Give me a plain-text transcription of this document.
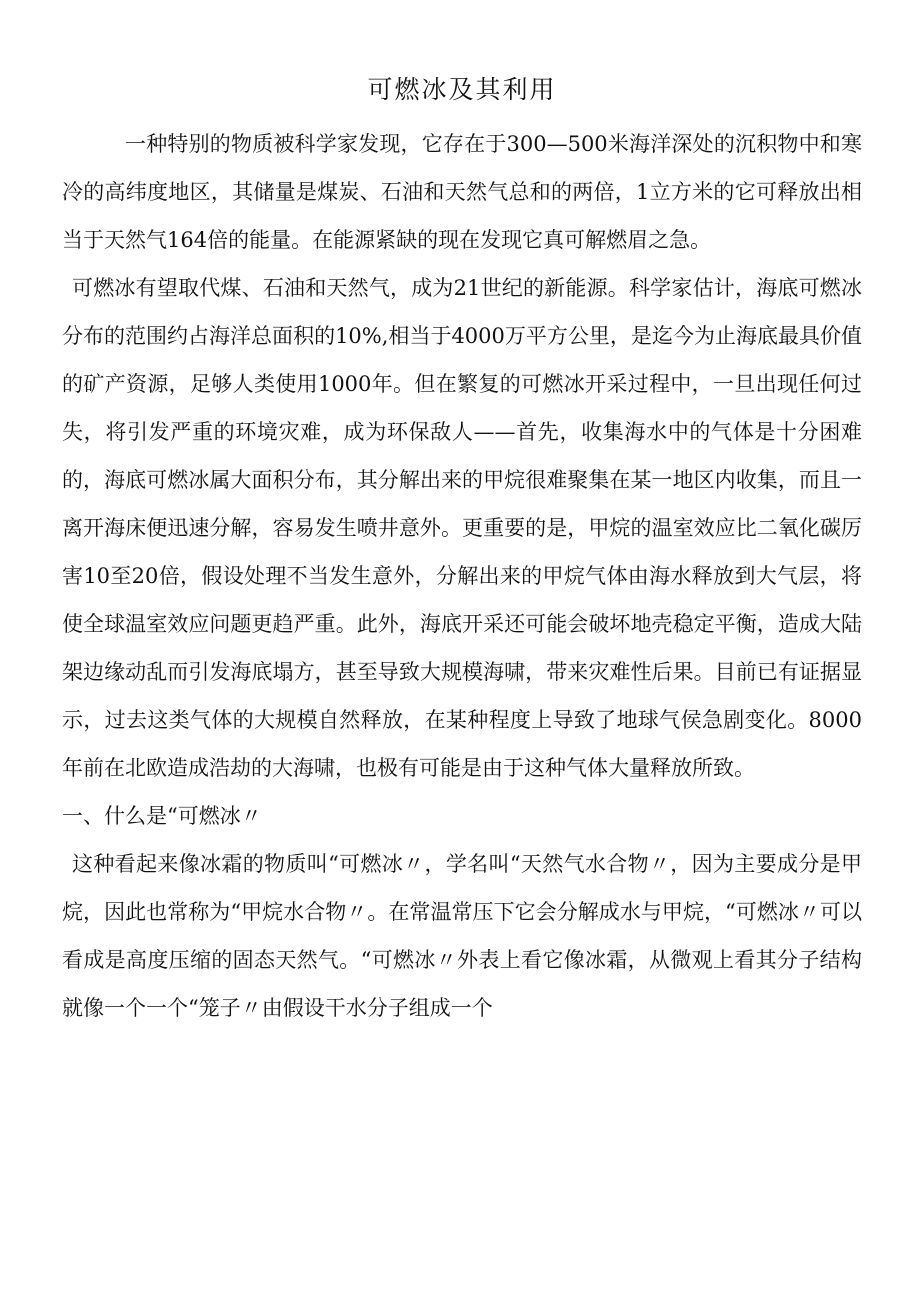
可燃冰及其利用

一种特别的物质被科学家发现，它存在于300—500米海洋深处的沉积物中和寒冷的高纬度地区，其储量是煤炭、石油和天然气总和的两倍，1立方米的它可释放出相当于天然气164倍的能量。在能源紧缺的现在发现它真可解燃眉之急。

可燃冰有望取代煤、石油和天然气，成为21世纪的新能源。科学家估计，海底可燃冰分布的范围约占海洋总面积的10%,相当于4000万平方公里，是迄今为止海底最具价值的矿产资源，足够人类使用1000年。但在繁复的可燃冰开采过程中，一旦出现任何过失，将引发严重的环境灾难，成为环保敌人——首先，收集海水中的气体是十分困难的，海底可燃冰属大面积分布，其分解出来的甲烷很难聚集在某一地区内收集，而且一离开海床便迅速分解，容易发生喷井意外。更重要的是，甲烷的温室效应比二氧化碳厉害10至20倍，假设处理不当发生意外，分解出来的甲烷气体由海水释放到大气层，将使全球温室效应问题更趋严重。此外，海底开采还可能会破坏地壳稳定平衡，造成大陆架边缘动乱而引发海底塌方，甚至导致大规模海啸，带来灾难性后果。目前已有证据显示，过去这类气体的大规模自然释放，在某种程度上导致了地球气侯急剧变化。8000年前在北欧造成浩劫的大海啸，也极有可能是由于这种气体大量释放所致。

一、什么是“可燃冰〃

这种看起来像冰霜的物质叫“可燃冰〃，学名叫“天然气水合物〃，因为主要成分是甲烷，因此也常称为“甲烷水合物〃。在常温常压下它会分解成水与甲烷，“可燃冰〃可以看成是高度压缩的固态天然气。“可燃冰〃外表上看它像冰霜，从微观上看其分子结构就像一个一个“笼子〃由假设干水分子组成一个
